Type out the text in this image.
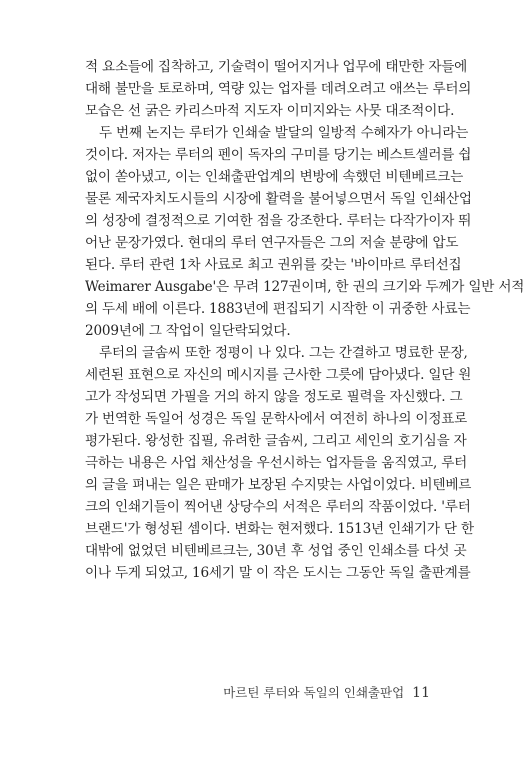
적 요소들에 집착하고, 기술력이 떨어지거나 업무에 태만한 자들에
대해 불만을 토로하며, 역량 있는 업자를 데려오려고 애쓰는 루터의
모습은 선 굵은 카리스마적 지도자 이미지와는 사뭇 대조적이다.
두 번째 논지는 루터가 인쇄술 발달의 일방적 수혜자가 아니라는
것이다. 저자는 루터의 펜이 독자의 구미를 당기는 베스트셀러를 쉽
없이 쏟아냈고, 이는 인쇄출판업계의 변방에 속했던 비텐베르크는
물론 제국자치도시들의 시장에 활력을 불어넣으면서 독일 인쇄산업
의 성장에 결정적으로 기여한 점을 강조한다. 루터는 다작가이자 뛰
어난 문장가였다. 현대의 루터 연구자들은 그의 저술 분량에 압도
된다. 루터 관련 1차 사료로 최고 권위를 갖는 '바이마르 루터선집
Weimarer Ausgabe'은 무려 127권이며, 한 권의 크기와 두께가 일반 서적
의 두세 배에 이른다. 1883년에 편집되기 시작한 이 귀중한 사료는
2009년에 그 작업이 일단락되었다.
루터의 글솜씨 또한 정평이 나 있다. 그는 간결하고 명료한 문장,
세련된 표현으로 자신의 메시지를 근사한 그릇에 담아냈다. 일단 원
고가 작성되면 가필을 거의 하지 않을 정도로 필력을 자신했다. 그
가 번역한 독일어 성경은 독일 문학사에서 여전히 하나의 이정표로
평가된다. 왕성한 집필, 유려한 글솜씨, 그리고 세인의 호기심을 자
극하는 내용은 사업 채산성을 우선시하는 업자들을 움직였고, 루터
의 글을 펴내는 일은 판매가 보장된 수지맞는 사업이었다. 비텐베르
크의 인쇄기들이 찍어낸 상당수의 서적은 루터의 작품이었다. '루터
브랜드'가 형성된 셈이다. 변화는 현저했다. 1513년 인쇄기가 단 한
대밖에 없었던 비텐베르크는, 30년 후 성업 중인 인쇄소를 다섯 곳
이나 두게 되었고, 16세기 말 이 작은 도시는 그동안 독일 출판계를
마르틴 루터와 독일의 인쇄출판업 11
